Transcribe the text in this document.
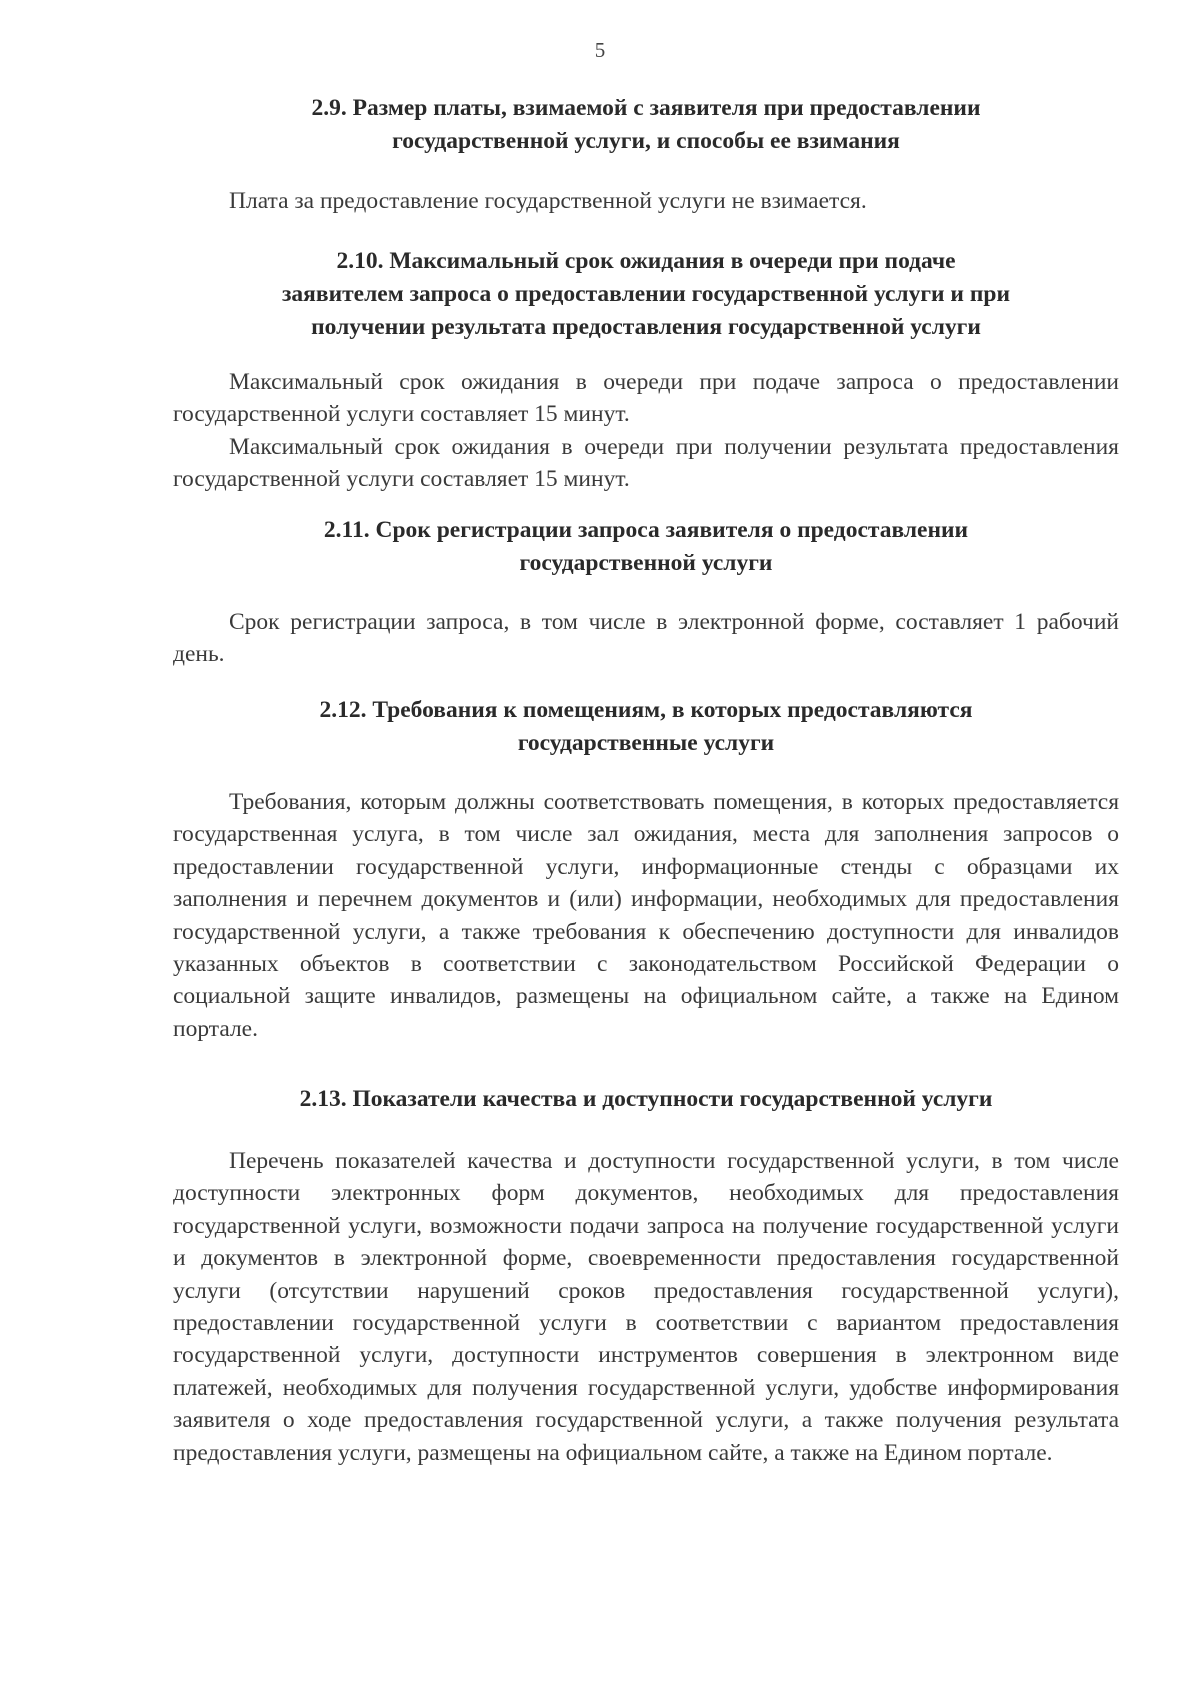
5
2.9. Размер платы, взимаемой с заявителя при предоставлении
государственной услуги, и способы ее взимания

Плата за предоставление государственной услуги не взимается.

2.10. Максимальный срок ожидания в очереди при подаче
заявителем запроса о предоставлении государственной услуги и при
получении результата предоставления государственной услуги

Максимальный срок ожидания в очереди при подаче запроса о предоставлении государственной услуги составляет 15 минут.

Максимальный срок ожидания в очереди при получении результата предоставления государственной услуги составляет 15 минут.

2.11. Срок регистрации запроса заявителя о предоставлении
государственной услуги

Срок регистрации запроса, в том числе в электронной форме, составляет 1 рабочий день.

2.12. Требования к помещениям, в которых предоставляются
государственные услуги

Требования, которым должны соответствовать помещения, в которых предоставляется государственная услуга, в том числе зал ожидания, места для заполнения запросов о предоставлении государственной услуги, информационные стенды с образцами их заполнения и перечнем документов и (или) информации, необходимых для предоставления государственной услуги, а также требования к обеспечению доступности для инвалидов указанных объектов в соответствии с законодательством Российской Федерации о социальной защите инвалидов, размещены на официальном сайте, а также на Едином портале.

2.13. Показатели качества и доступности государственной услуги

Перечень показателей качества и доступности государственной услуги, в том числе доступности электронных форм документов, необходимых для предоставления государственной услуги, возможности подачи запроса на получение государственной услуги и документов в электронной форме, своевременности предоставления государственной услуги (отсутствии нарушений сроков предоставления государственной услуги), предоставлении государственной услуги в соответствии с вариантом предоставления государственной услуги, доступности инструментов совершения в электронном виде платежей, необходимых для получения государственной услуги, удобстве информирования заявителя о ходе предоставления государственной услуги, а также получения результата предоставления услуги, размещены на официальном сайте, а также на Едином портале.
